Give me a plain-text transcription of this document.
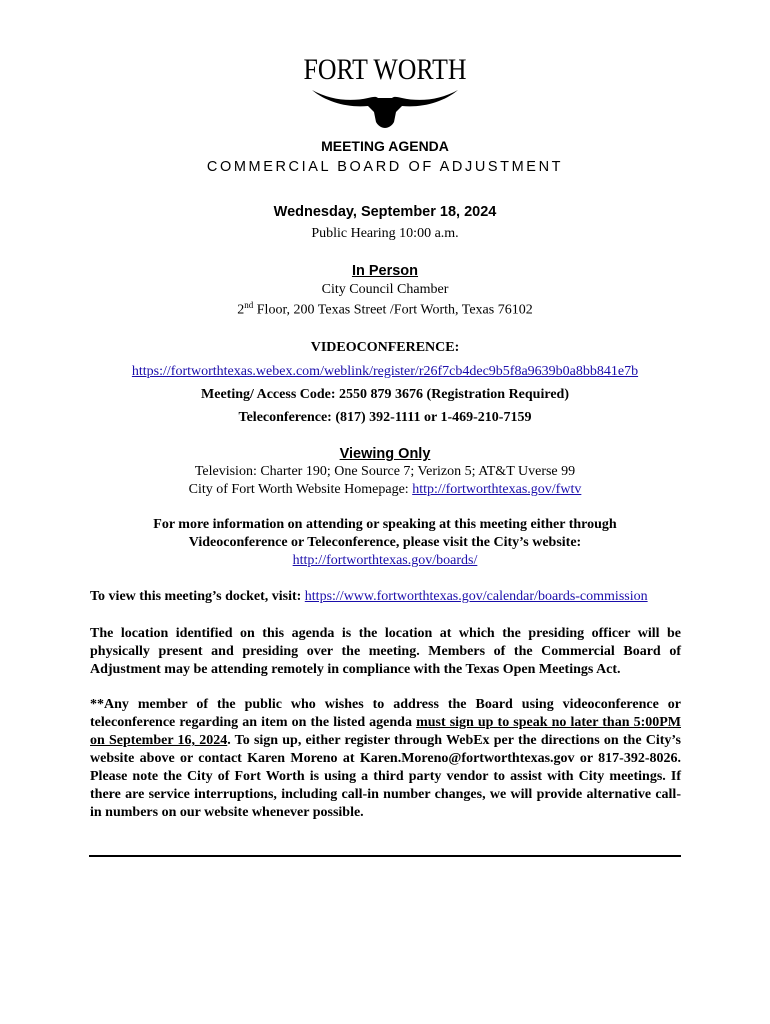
FORT WORTH
MEETING AGENDA
COMMERCIAL BOARD OF ADJUSTMENT
Wednesday, September 18, 2024
Public Hearing 10:00 a.m.
In Person
City Council Chamber
2nd Floor, 200 Texas Street /Fort Worth, Texas 76102
VIDEOCONFERENCE:
https://fortworthtexas.webex.com/weblink/register/r26f7cb4dec9b5f8a9639b0a8bb841e7b
Meeting/ Access Code: 2550 879 3676 (Registration Required)
Teleconference: (817) 392-1111 or 1-469-210-7159
Viewing Only
Television: Charter 190; One Source 7; Verizon 5; AT&T Uverse 99
City of Fort Worth Website Homepage: http://fortworthtexas.gov/fwtv
For more information on attending or speaking at this meeting either through
Videoconference or Teleconference, please visit the City’s website:
http://fortworthtexas.gov/boards/
To view this meeting’s docket, visit: https://www.fortworthtexas.gov/calendar/boards-commission
The location identified on this agenda is the location at which the presiding officer will be physically present and presiding over the meeting. Members of the Commercial Board of Adjustment may be attending remotely in compliance with the Texas Open Meetings Act.
**Any member of the public who wishes to address the Board using videoconference or teleconference regarding an item on the listed agenda must sign up to speak no later than 5:00PM on September 16, 2024. To sign up, either register through WebEx per the directions on the City’s website above or contact Karen Moreno at Karen.Moreno@fortworthtexas.gov or 817-392-8026. Please note the City of Fort Worth is using a third party vendor to assist with City meetings. If there are service interruptions, including call-in number changes, we will provide alternative call-in numbers on our website whenever possible.
